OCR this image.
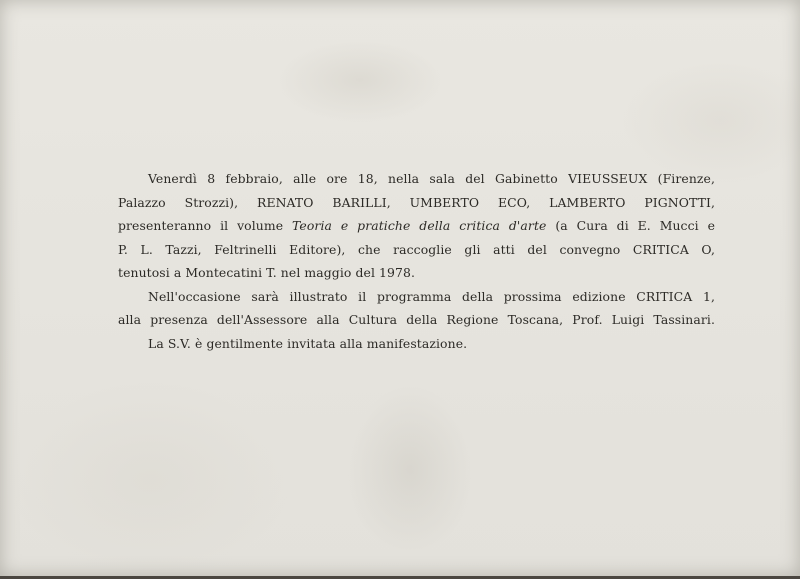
Venerdì 8 febbraio, alle ore 18, nella sala del Gabinetto VIEUSSEUX (Firenze,
Palazzo Strozzi), RENATO BARILLI, UMBERTO ECO, LAMBERTO PIGNOTTI,
presenteranno il volume Teoria e pratiche della critica d'arte (a Cura di E. Mucci e
P. L. Tazzi, Feltrinelli Editore), che raccoglie gli atti del convegno CRITICA O,
tenutosi a Montecatini T. nel maggio del 1978.
Nell'occasione sarà illustrato il programma della prossima edizione CRITICA 1,
alla presenza dell'Assessore alla Cultura della Regione Toscana, Prof. Luigi Tassinari.
La S.V. è gentilmente invitata alla manifestazione.
